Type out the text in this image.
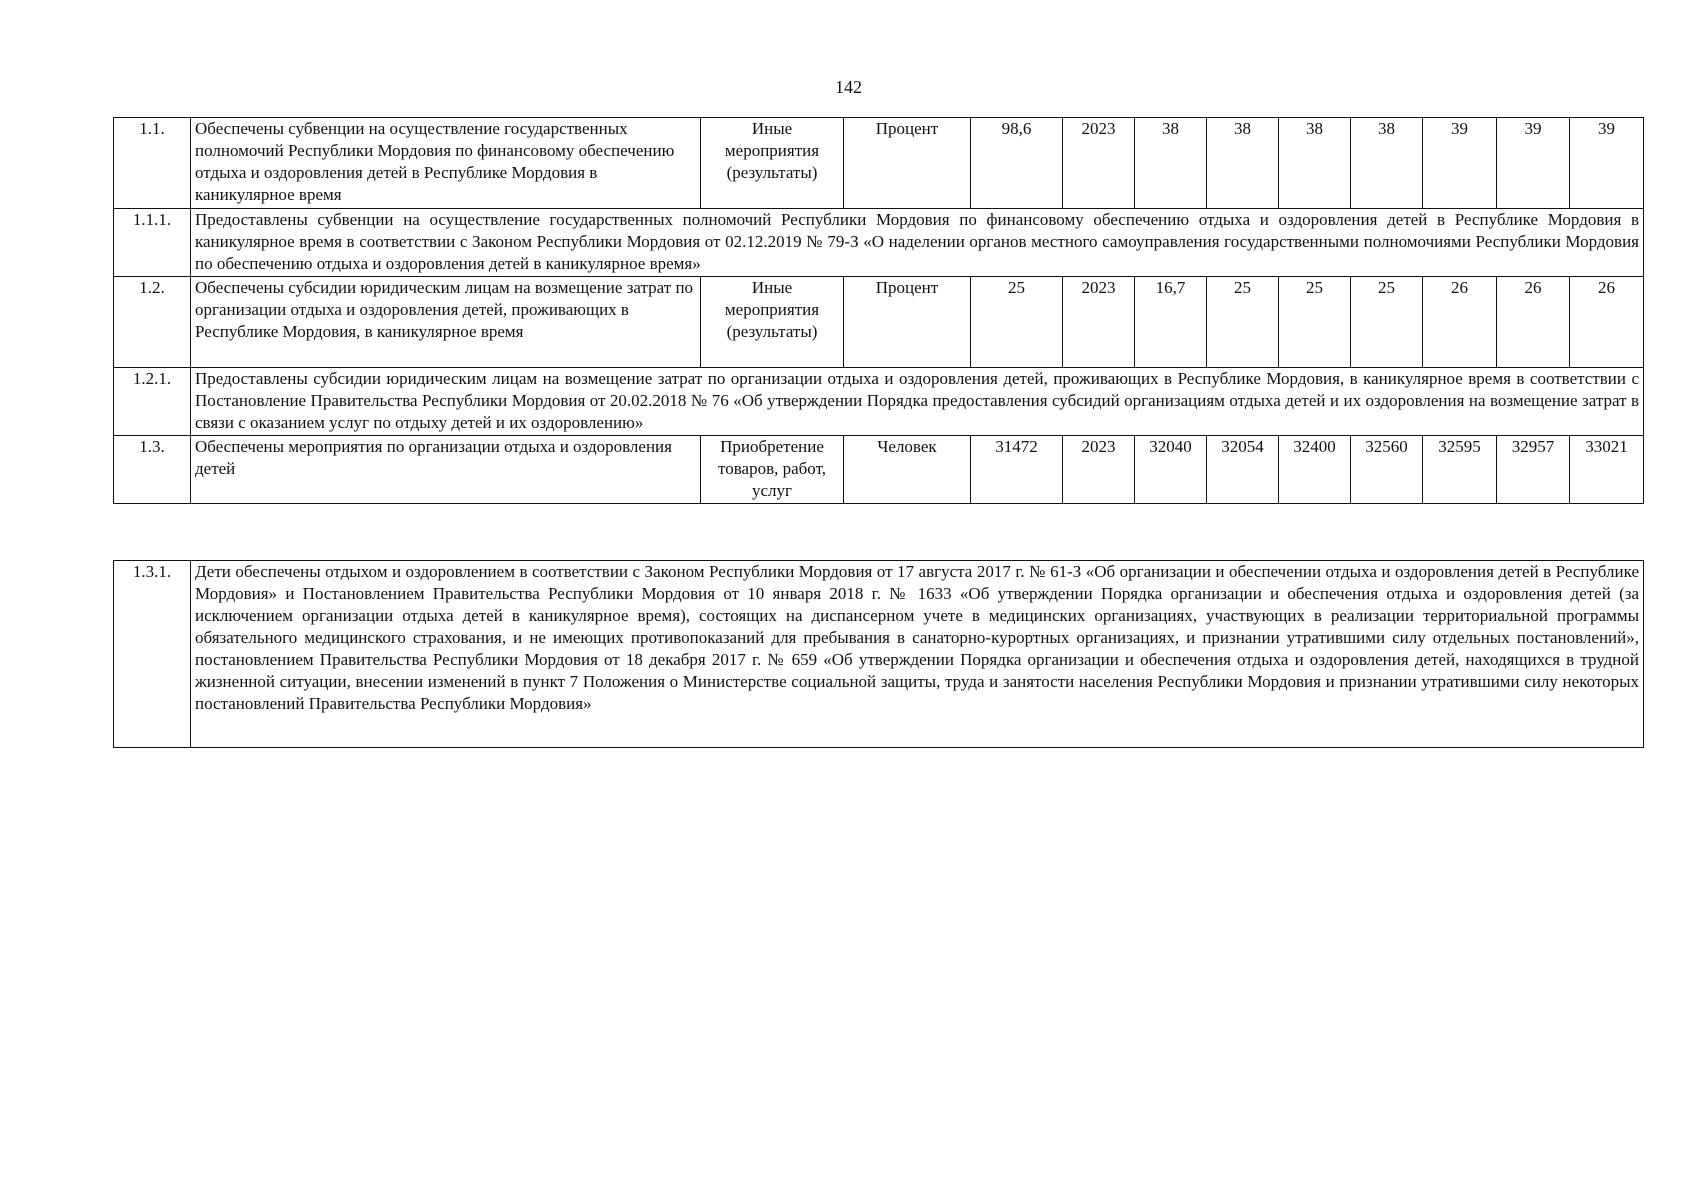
142
1.1.	Обеспечены субвенции на осуществление государственных полномочий Республики Мордовия по финансовому обеспечению отдыха и оздоровления детей в Республике Мордовия в каникулярное время	Иные мероприятия (результаты)	Процент	98,6	2023	38	38	38	38	39	39	39
1.1.1.	Предоставлены субвенции на осуществление государственных полномочий Республики Мордовия по финансовому обеспечению отдыха и оздоровления детей в Республике Мордовия в каникулярное время в соответствии с Законом Республики Мордовия от 02.12.2019 № 79-З «О наделении органов местного самоуправления государственными полномочиями Республики Мордовия по обеспечению отдыха и оздоровления детей в каникулярное время»											
1.2.	Обеспечены субсидии юридическим лицам на возмещение затрат по организации отдыха и оздоровления детей, проживающих в Республике Мордовия, в каникулярное время	Иные мероприятия (результаты)	Процент	25	2023	16,7	25	25	25	26	26	26
1.2.1.	Предоставлены субсидии юридическим лицам на возмещение затрат по организации отдыха и оздоровления детей, проживающих в Республике Мордовия, в каникулярное время в соответствии с Постановление Правительства Республики Мордовия от 20.02.2018 № 76 «Об утверждении Порядка предоставления субсидий организациям отдыха детей и их оздоровления на возмещение затрат в связи с оказанием услуг по отдыху детей и их оздоровлению»											
1.3.	Обеспечены мероприятия по организации отдыха и оздоровления детей	Приобретение товаров, работ, услуг	Человек	31472	2023	32040	32054	32400	32560	32595	32957	33021
1.3.1.	Дети обеспечены отдыхом и оздоровлением в соответствии с Законом Республики Мордовия от 17 августа 2017 г. № 61-З «Об организации и обеспечении отдыха и оздоровления детей в Республике Мордовия» и Постановлением Правительства Республики Мордовия от 10 января 2018 г. № 1633 «Об утверждении Порядка организации и обеспечения отдыха и оздоровления детей (за исключением организации отдыха детей в каникулярное время), состоящих на диспансерном учете в медицинских организациях, участвующих в реализации территориальной программы обязательного медицинского страхования, и не имеющих противопоказаний для пребывания в санаторно-курортных организациях, и признании утратившими силу отдельных постановлений», постановлением Правительства Республики Мордовия от 18 декабря 2017 г. № 659 «Об утверждении Порядка организации и обеспечения отдыха и оздоровления детей, находящихся в трудной жизненной ситуации, внесении изменений в пункт 7 Положения о Министерстве социальной защиты, труда и занятости населения Республики Мордовия и признании утратившими силу некоторых постановлений Правительства Республики Мордовия»
